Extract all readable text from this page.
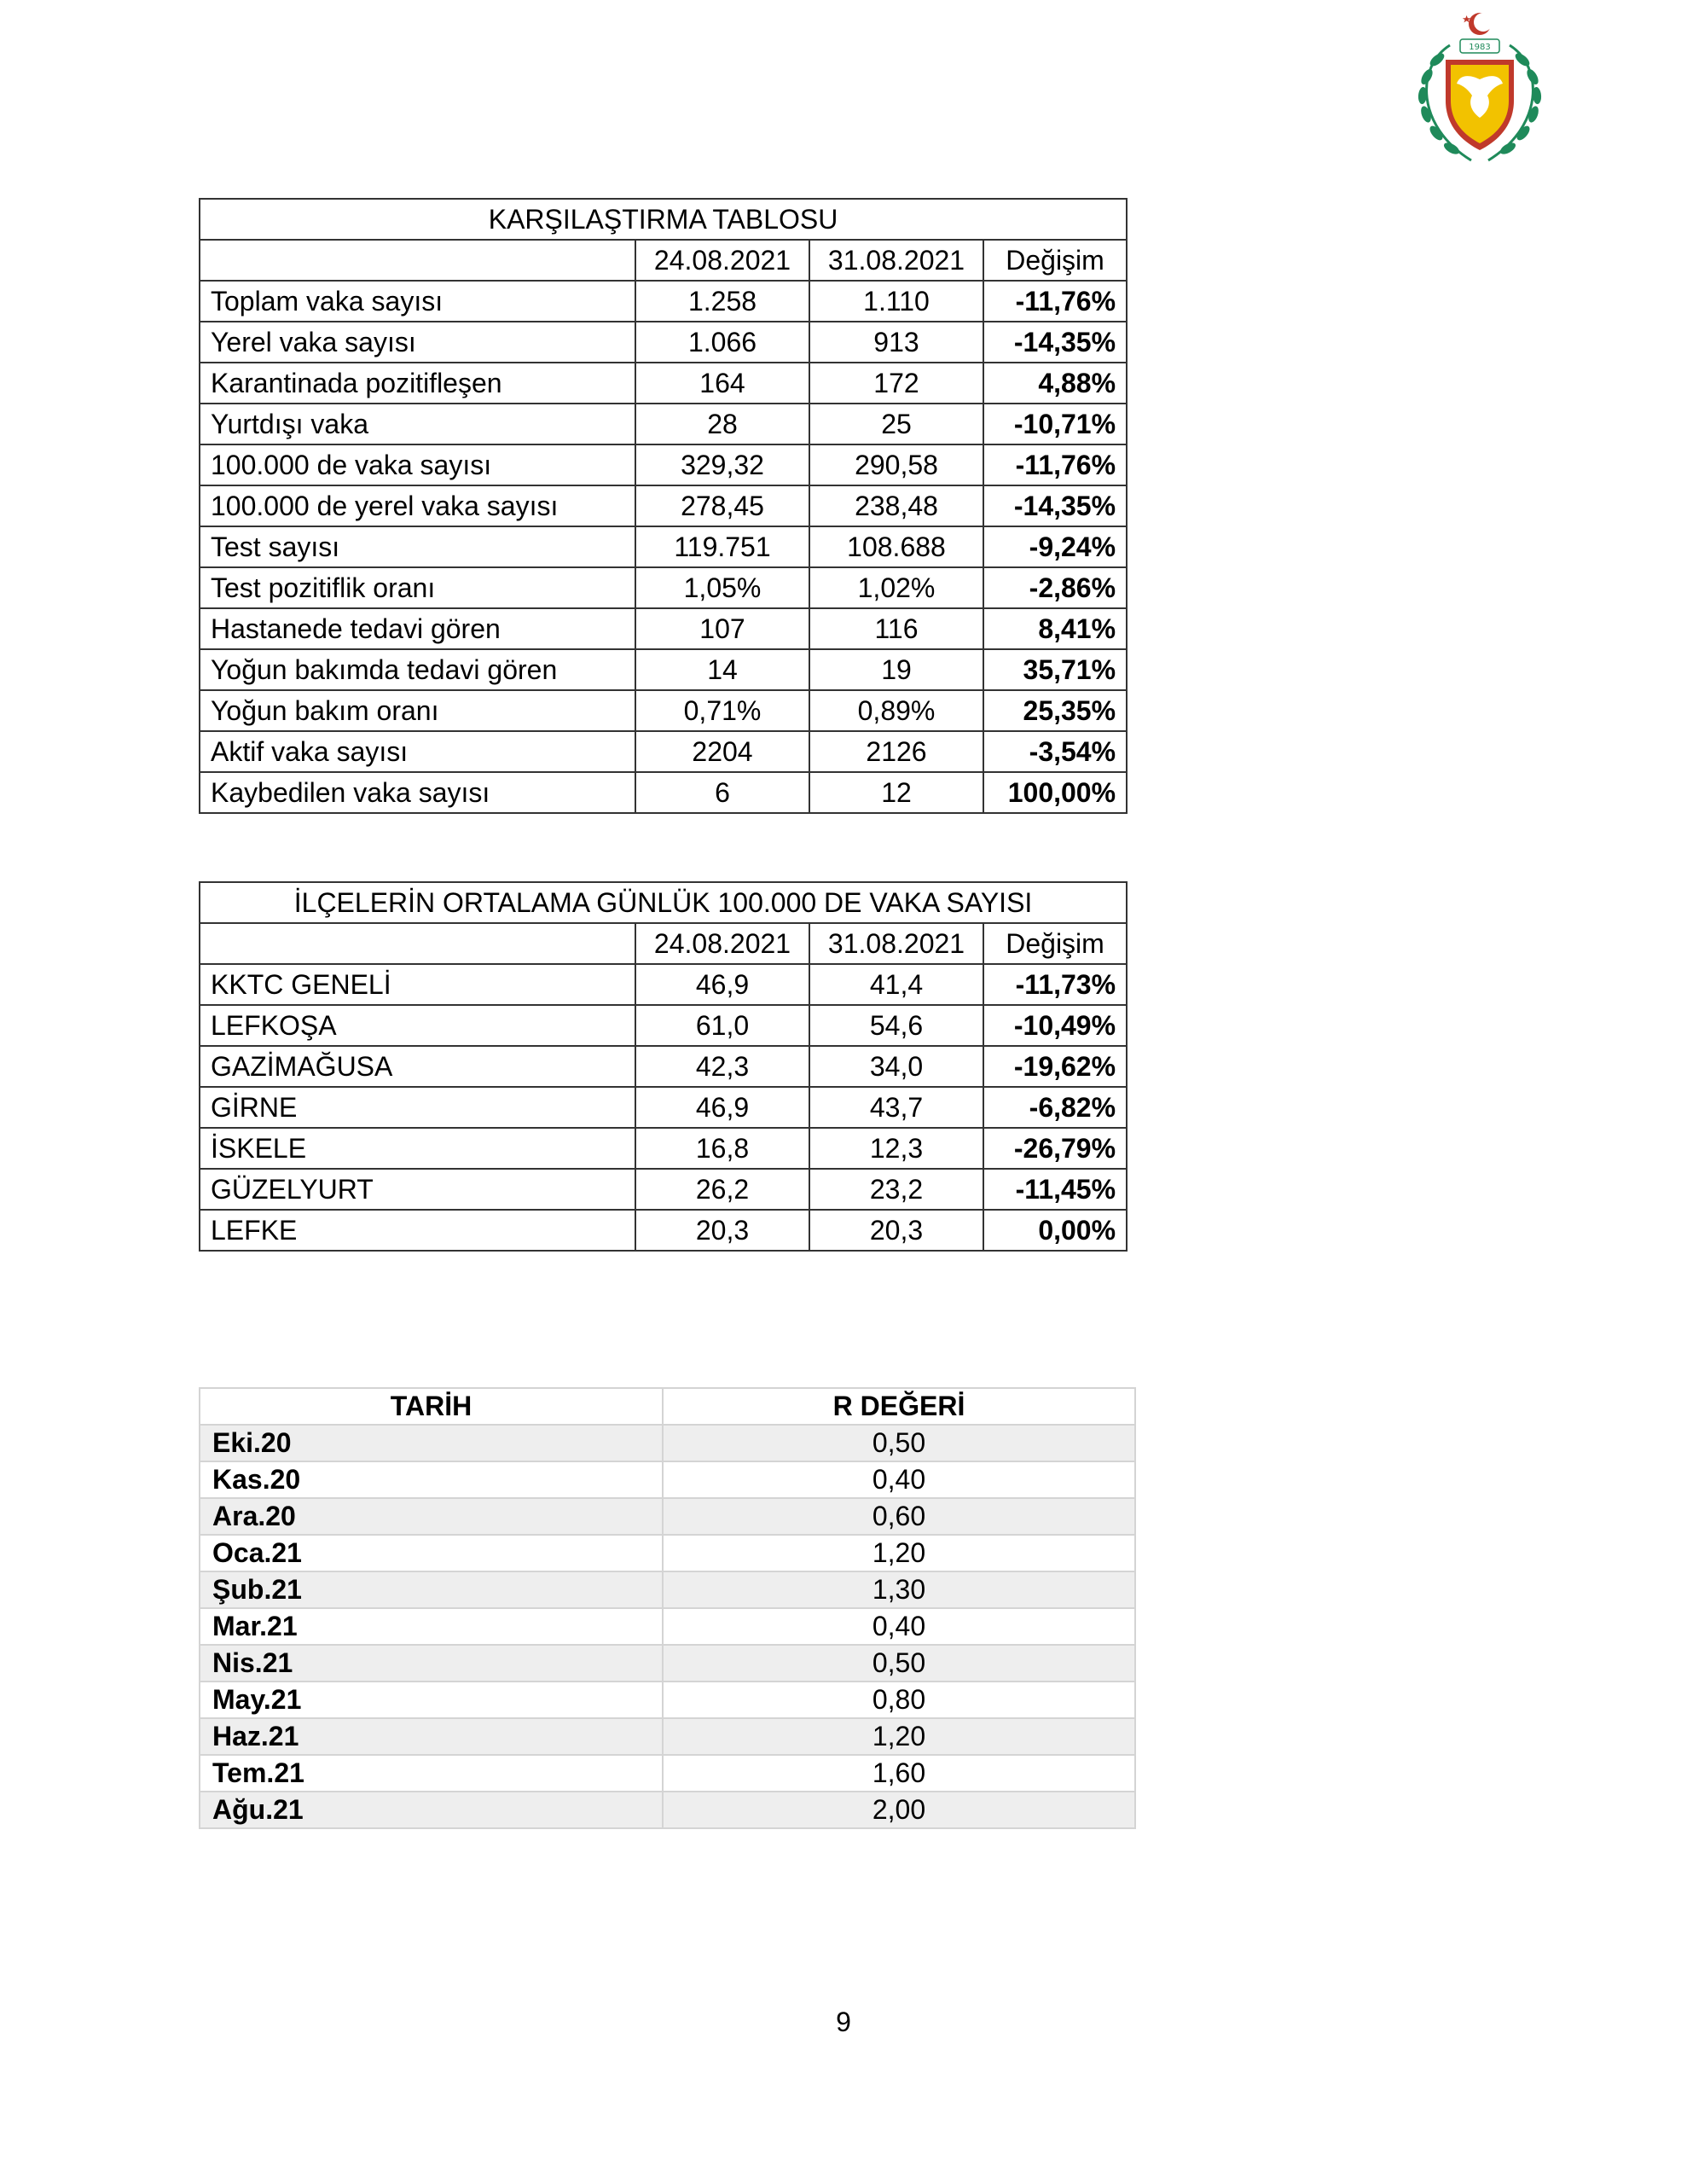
1983
KARŞILAŞTIRMA TABLOSU			
	24.08.2021	31.08.2021	Değişim
Toplam vaka sayısı	1.258	1.110	-11,76%
Yerel vaka sayısı	1.066	913	-14,35%
Karantinada pozitifleşen	164	172	4,88%
Yurtdışı vaka	28	25	-10,71%
100.000 de vaka sayısı	329,32	290,58	-11,76%
100.000 de yerel vaka sayısı	278,45	238,48	-14,35%
Test sayısı	119.751	108.688	-9,24%
Test pozitiflik oranı	1,05%	1,02%	-2,86%
Hastanede tedavi gören	107	116	8,41%
Yoğun bakımda tedavi gören	14	19	35,71%
Yoğun bakım oranı	0,71%	0,89%	25,35%
Aktif vaka sayısı	2204	2126	-3,54%
Kaybedilen vaka sayısı	6	12	100,00%
İLÇELERİN ORTALAMA GÜNLÜK 100.000 DE VAKA SAYISI			
	24.08.2021	31.08.2021	Değişim
KKTC GENELİ	46,9	41,4	-11,73%
LEFKOŞA	61,0	54,6	-10,49%
GAZİMAĞUSA	42,3	34,0	-19,62%
GİRNE	46,9	43,7	-6,82%
İSKELE	16,8	12,3	-26,79%
GÜZELYURT	26,2	23,2	-11,45%
LEFKE	20,3	20,3	0,00%
TARİH	R DEĞERİ
Eki.20	0,50
Kas.20	0,40
Ara.20	0,60
Oca.21	1,20
Şub.21	1,30
Mar.21	0,40
Nis.21	0,50
May.21	0,80
Haz.21	1,20
Tem.21	1,60
Ağu.21	2,00
9
